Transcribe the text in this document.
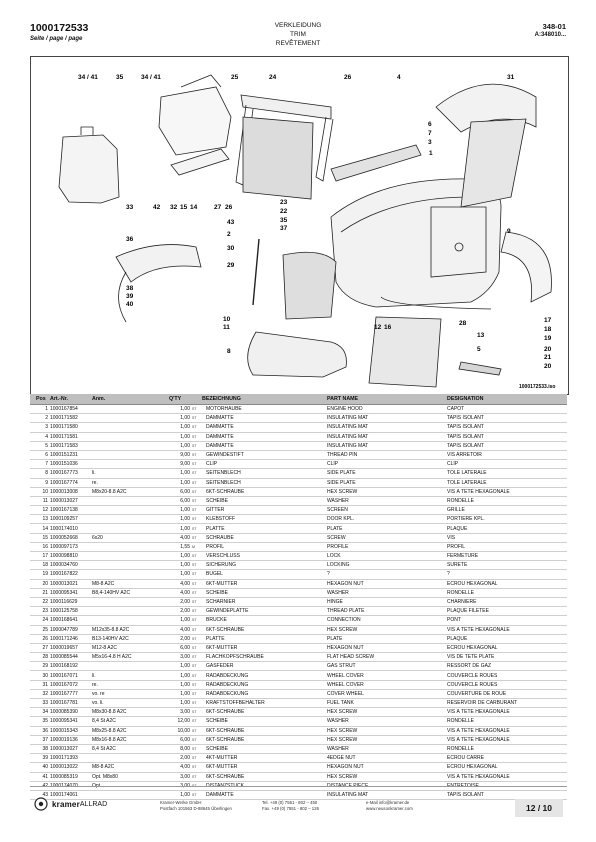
1000172533
Seite / page / page
VERKLEIDUNG
TRIM
REVÊTEMENT
348-01
A:348010...
34 / 41	35	34 / 41	25	24	26	4	31
33	42 32 15 14	27 26
43
23
22
35
37
6
7
3
1
36
2
30
29
38
39
40
10
11
8
9
12 16
28
13
5
17
18
19
20
21
20
1000172533.iso
Pos Art.-Nr.	Anm.	Q'TY	BEZEICHNUNG	PART NAME	DESIGNATION
1 1000167854	1,00 ST	MOTORHAUBE	ENGINE HOOD	CAPOT
2 1000171582	1,00 ST	DÄMMATTE	INSULATING MAT	TAPIS ISOLANT
3 1000171580	1,00 ST	DÄMMATTE	INSULATING MAT	TAPIS ISOLANT
4 1000171581	1,00 ST	DÄMMATTE	INSULATING MAT	TAPIS ISOLANT
5 1000171583	1,00 ST	DÄMMATTE	INSULATING MAT	TAPIS ISOLANT
6 1000151231	9,00 ST	GEWINDESTIFT	THREAD PIN	VIS ARRÊTOIR
7 1000151036	9,00 ST	CLIP	CLIP	CLIP
8 1000167773	li.	1,00 ST	SEITENBLECH	SIDE PLATE	TÔLE LATÉRALE
9 1000167774	re.	1,00 ST	SEITENBLECH	SIDE PLATE	TÔLE LATÉRALE
10 1000013008	M8x20-8.8 A2C	6,00 ST	6KT-SCHRAUBE	HEX SCREW	VIS À TÊTE HEXAGONALE
11 1000013027	6,00 ST	SCHEIBE	WASHER	RONDELLE
12 1000167138	1,00 ST	GITTER	SCREEN	GRILLE
13 1000109257	1,00 ST	KLEBSTOFF	DOOR KPL.	PORTIÈRE KPL.
14 1000174010	1,00 ST	PLATTE	PLATE	PLAQUE
15 1000052668	6x20	4,00 ST	SCHRAUBE	SCREW	VIS
16 1000097173	1,55 M	PROFIL	PROFILE	PROFIL
17 1000098810	1,00 ST	VERSCHLUSS	LOCK	FERMETURE
18 1000034760	1,00 ST	SICHERUNG	LOCKING	SÛRETÉ
19 1000167822	1,00 ST	BÜGEL	?	?
20 1000013021	M8-8 A2C	4,00 ST	6KT-MUTTER	HEXAGON NUT	ÉCROU HEXAGONAL
21 1000095341	B8,4-140HV A2C	4,00 ST	SCHEIBE	WASHER	RONDELLE
22 1000116629	2,00 ST	SCHARNIER	HINGE	CHARNIÈRE
23 1000125758	2,00 ST	GEWINDEPLATTE	THREAD PLATE	PLAQUE FILETÉE
24 1000168641	1,00 ST	BRÜCKE	CONNECTION	PONT
25 1000047789	M12x35-8.8 A2C	4,00 ST	6KT-SCHRAUBE	HEX SCREW	VIS À TÊTE HEXAGONALE
26 1000171246	B13-140HV A2C	2,00 ST	PLATTE	PLATE	PLAQUE
27 1000019657	M12-8 A2C	6,00 ST	6KT-MUTTER	HEXAGON NUT	ÉCROU HEXAGONAL
28 1000085544	M5x16-4.8 H A2C	3,00 ST	FLACHKOPFSCHRAUBE	FLAT HEAD SCREW	VIS DE TÊTE PLATE
29 1000168192	1,00 ST	GASFEDER	GAS STRUT	RESSORT DE GAZ
30 1000167071	li.	1,00 ST	RADABDECKUNG	WHEEL COVER	COUVERCLE ROUES
31 1000167072	re.	1,00 ST	RADABDECKUNG	WHEEL COVER	COUVERCLE ROUES
32 1000167777	vo. re	1,00 ST	RADABDECKUNG	COVER WHEEL	COUVERTURE DE ROUE
33 1000167781	vo. li.	1,00 ST	KRAFTSTOFFBEHÄLTER	FUEL TANK	RÉSERVOIR DE CARBURANT
34 1000085390	M8x30-8.8 A2C	3,00 ST	6KT-SCHRAUBE	HEX SCREW	VIS À TÊTE HEXAGONALE
35 1000095341	8,4 St A2C	12,00 ST	SCHEIBE	WASHER	RONDELLE
36 1000015343	M8x25-8.8 A2C	10,00 ST	6KT-SCHRAUBE	HEX SCREW	VIS À TÊTE HEXAGONALE
37 1000019136	M8x16-8.8 A2C	6,00 ST	6KT-SCHRAUBE	HEX SCREW	VIS À TÊTE HEXAGONALE
38 1000013027	8,4 St A2C	8,00 ST	SCHEIBE	WASHER	RONDELLE
39 1000171393	2,00 ST	4KT-MUTTER	4EDGE NUT	ÉCROU CARRÉ
40 1000013022	M8-8 A2C	4,00 ST	6KT-MUTTER	HEXAGON NUT	ÉCROU HEXAGONAL
41 1000085319	Opt. M8x80	3,00 ST	6KT-SCHRAUBE	HEX SCREW	VIS À TÊTE HEXAGONALE
42 1000174070	Opt.	3,00 ST	DISTANZSTÜCK	DISTANCE PIECE	ENTRETOISE
43 1000174061	1,00 ST	DÄMMATTE	INSULATING MAT	TAPIS ISOLANT
kramer ALLRAD	Kramer-Werke GmbH
Postfach 101563 D-88645 Überlingen
Tel. +49 (0) 7551 - 802 – 450
Fax. +49 (0) 7551 - 802 – 126
e-Mail info@kramer.de
www.neusonkramer.com	12 / 10
